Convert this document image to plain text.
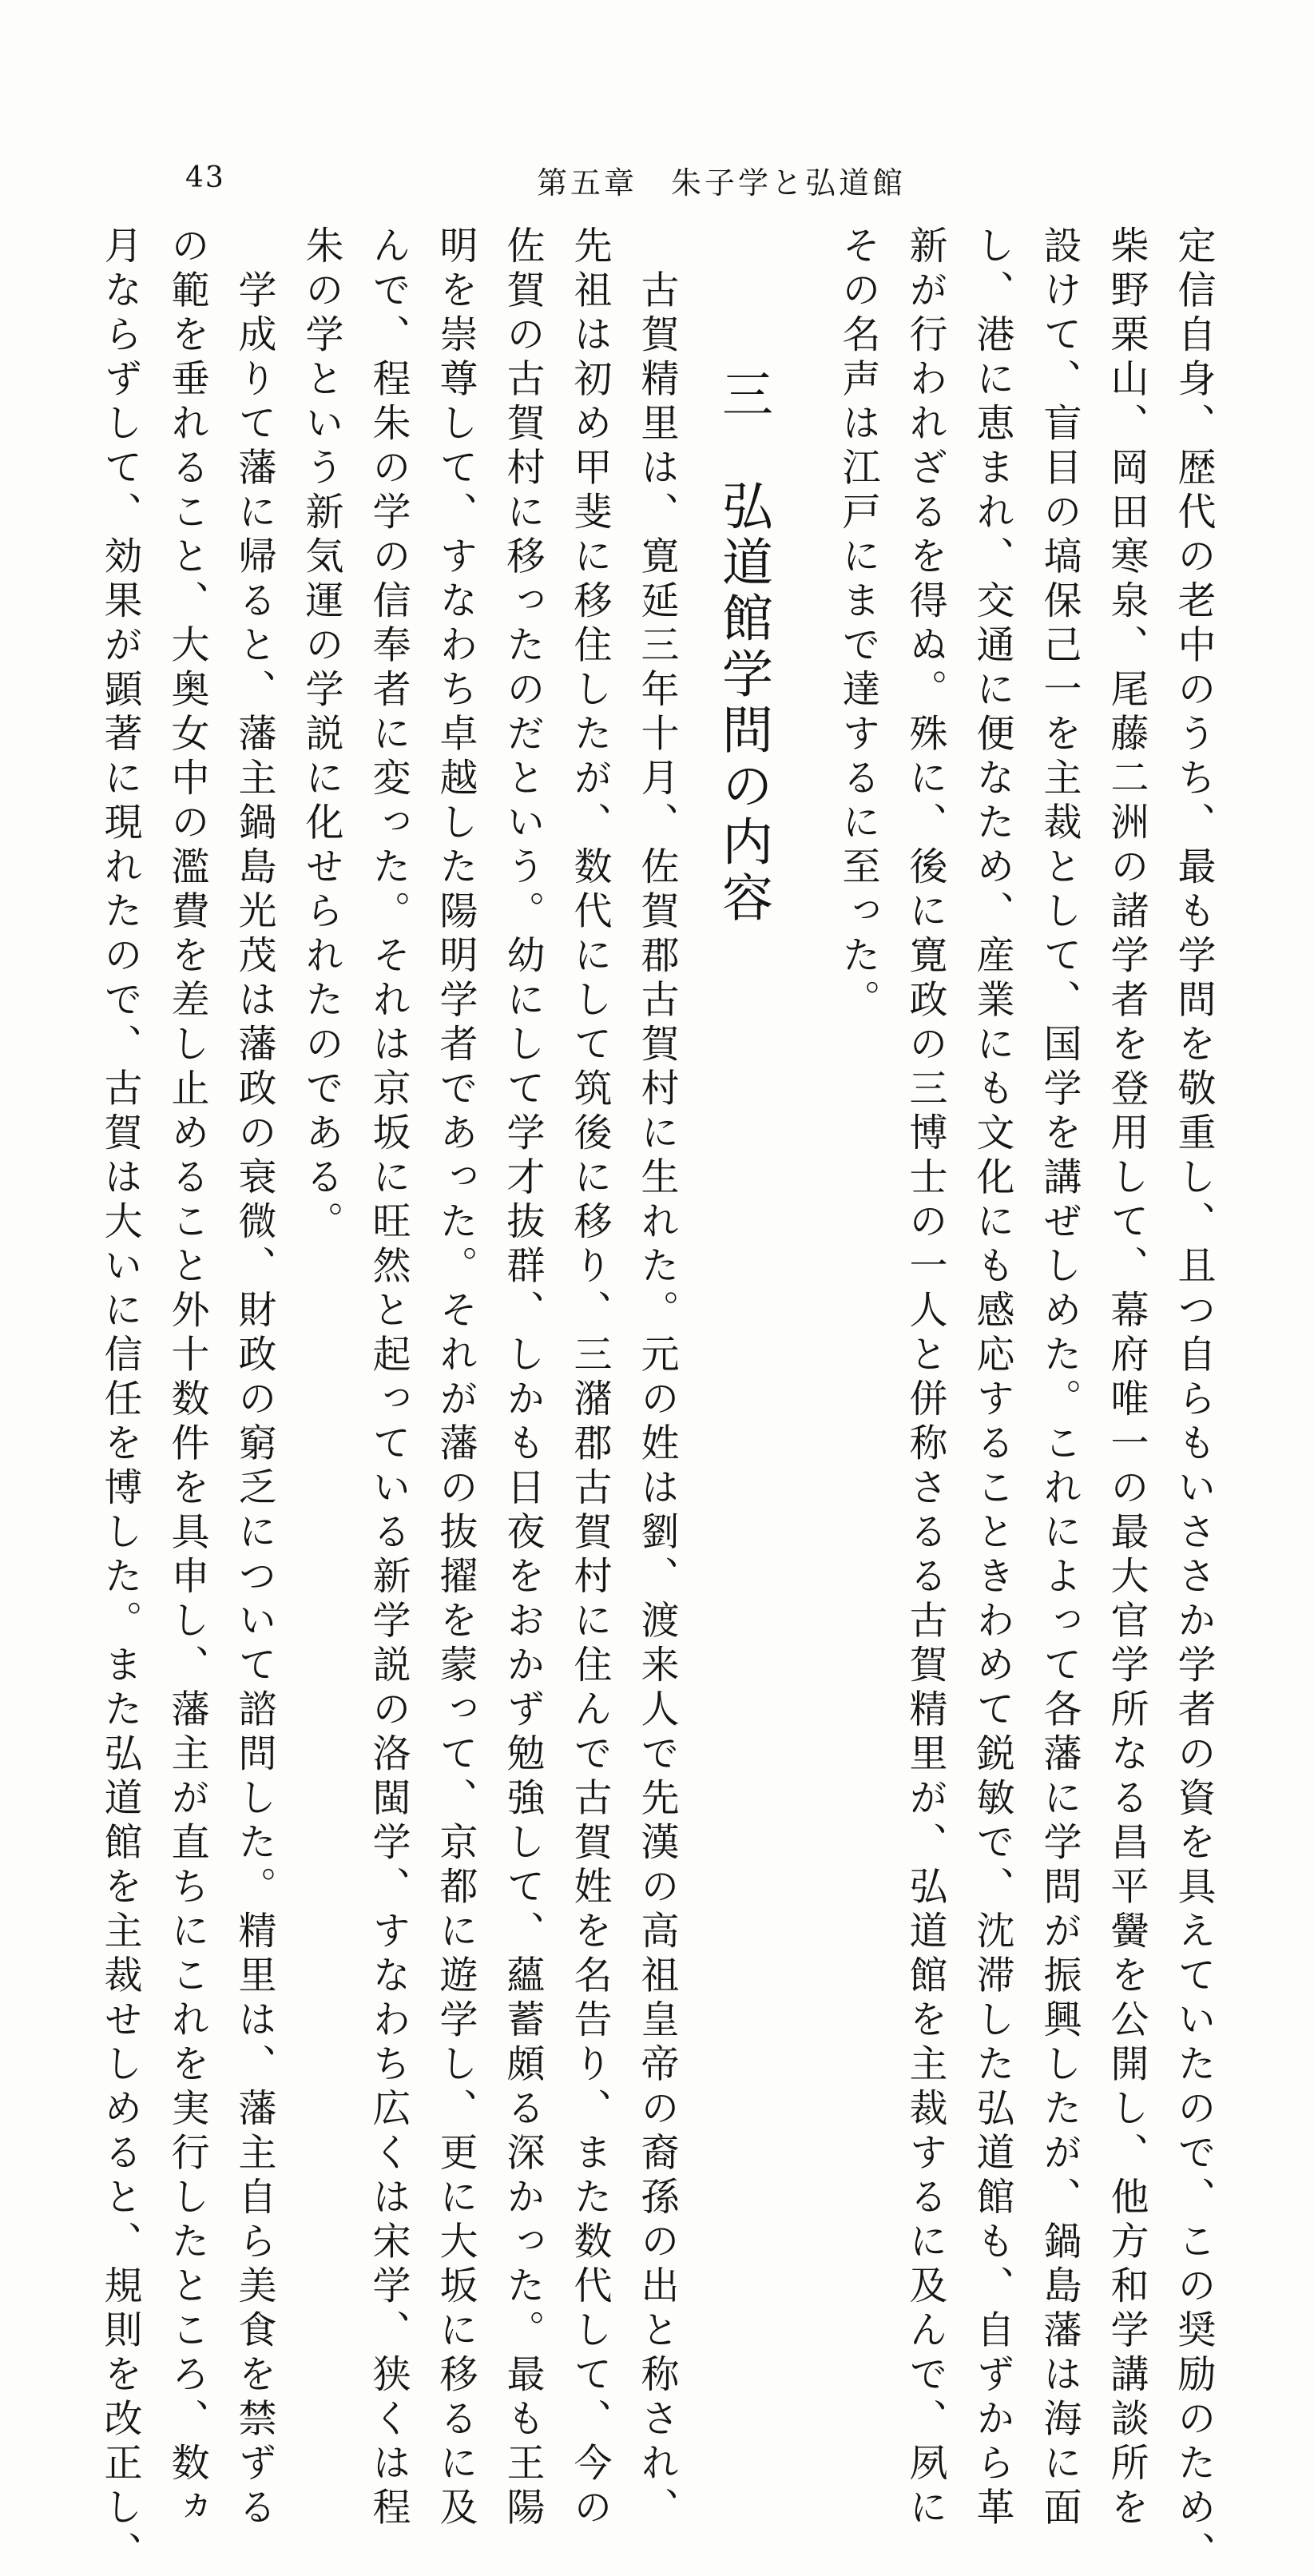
43	第五章　朱子学と弘道館
定信自身、歴代の老中のうち、最も学問を敬重し、且つ自らもいささか学者の資を具えていたので、この奨励のため、
柴野栗山、岡田寒泉、尾藤二洲の諸学者を登用して、幕府唯一の最大官学所なる昌平黌を公開し、他方和学講談所を
設けて、盲目の塙保己一を主裁として、国学を講ぜしめた。これによって各藩に学問が振興したが、鍋島藩は海に面
し、港に恵まれ、交通に便なため、産業にも文化にも感応することきわめて鋭敏で、沈滞した弘道館も、自ずから革
新が行われざるを得ぬ。殊に、後に寛政の三博士の一人と併称さるる古賀精里が、弘道館を主裁するに及んで、夙に
その名声は江戸にまで達するに至った。
三　弘道館学問の内容
　古賀精里は、寛延三年十月、佐賀郡古賀村に生れた。元の姓は劉、渡来人で先漢の高祖皇帝の裔孫の出と称され、
先祖は初め甲斐に移住したが、数代にして筑後に移り、三潴郡古賀村に住んで古賀姓を名告り、また数代して、今の
佐賀の古賀村に移ったのだという。幼にして学才抜群、しかも日夜をおかず勉強して、蘊蓄頗る深かった。最も王陽
明を崇尊して、すなわち卓越した陽明学者であった。それが藩の抜擢を蒙って、京都に遊学し、更に大坂に移るに及
んで、程朱の学の信奉者に変った。それは京坂に旺然と起っている新学説の洛閩学、すなわち広くは宋学、狭くは程
朱の学という新気運の学説に化せられたのである。
　学成りて藩に帰ると、藩主鍋島光茂は藩政の衰微、財政の窮乏について諮問した。精里は、藩主自ら美食を禁ずる
の範を垂れること、大奥女中の濫費を差し止めること外十数件を具申し、藩主が直ちにこれを実行したところ、数ヵ
月ならずして、効果が顕著に現れたので、古賀は大いに信任を博した。また弘道館を主裁せしめると、規則を改正し、
